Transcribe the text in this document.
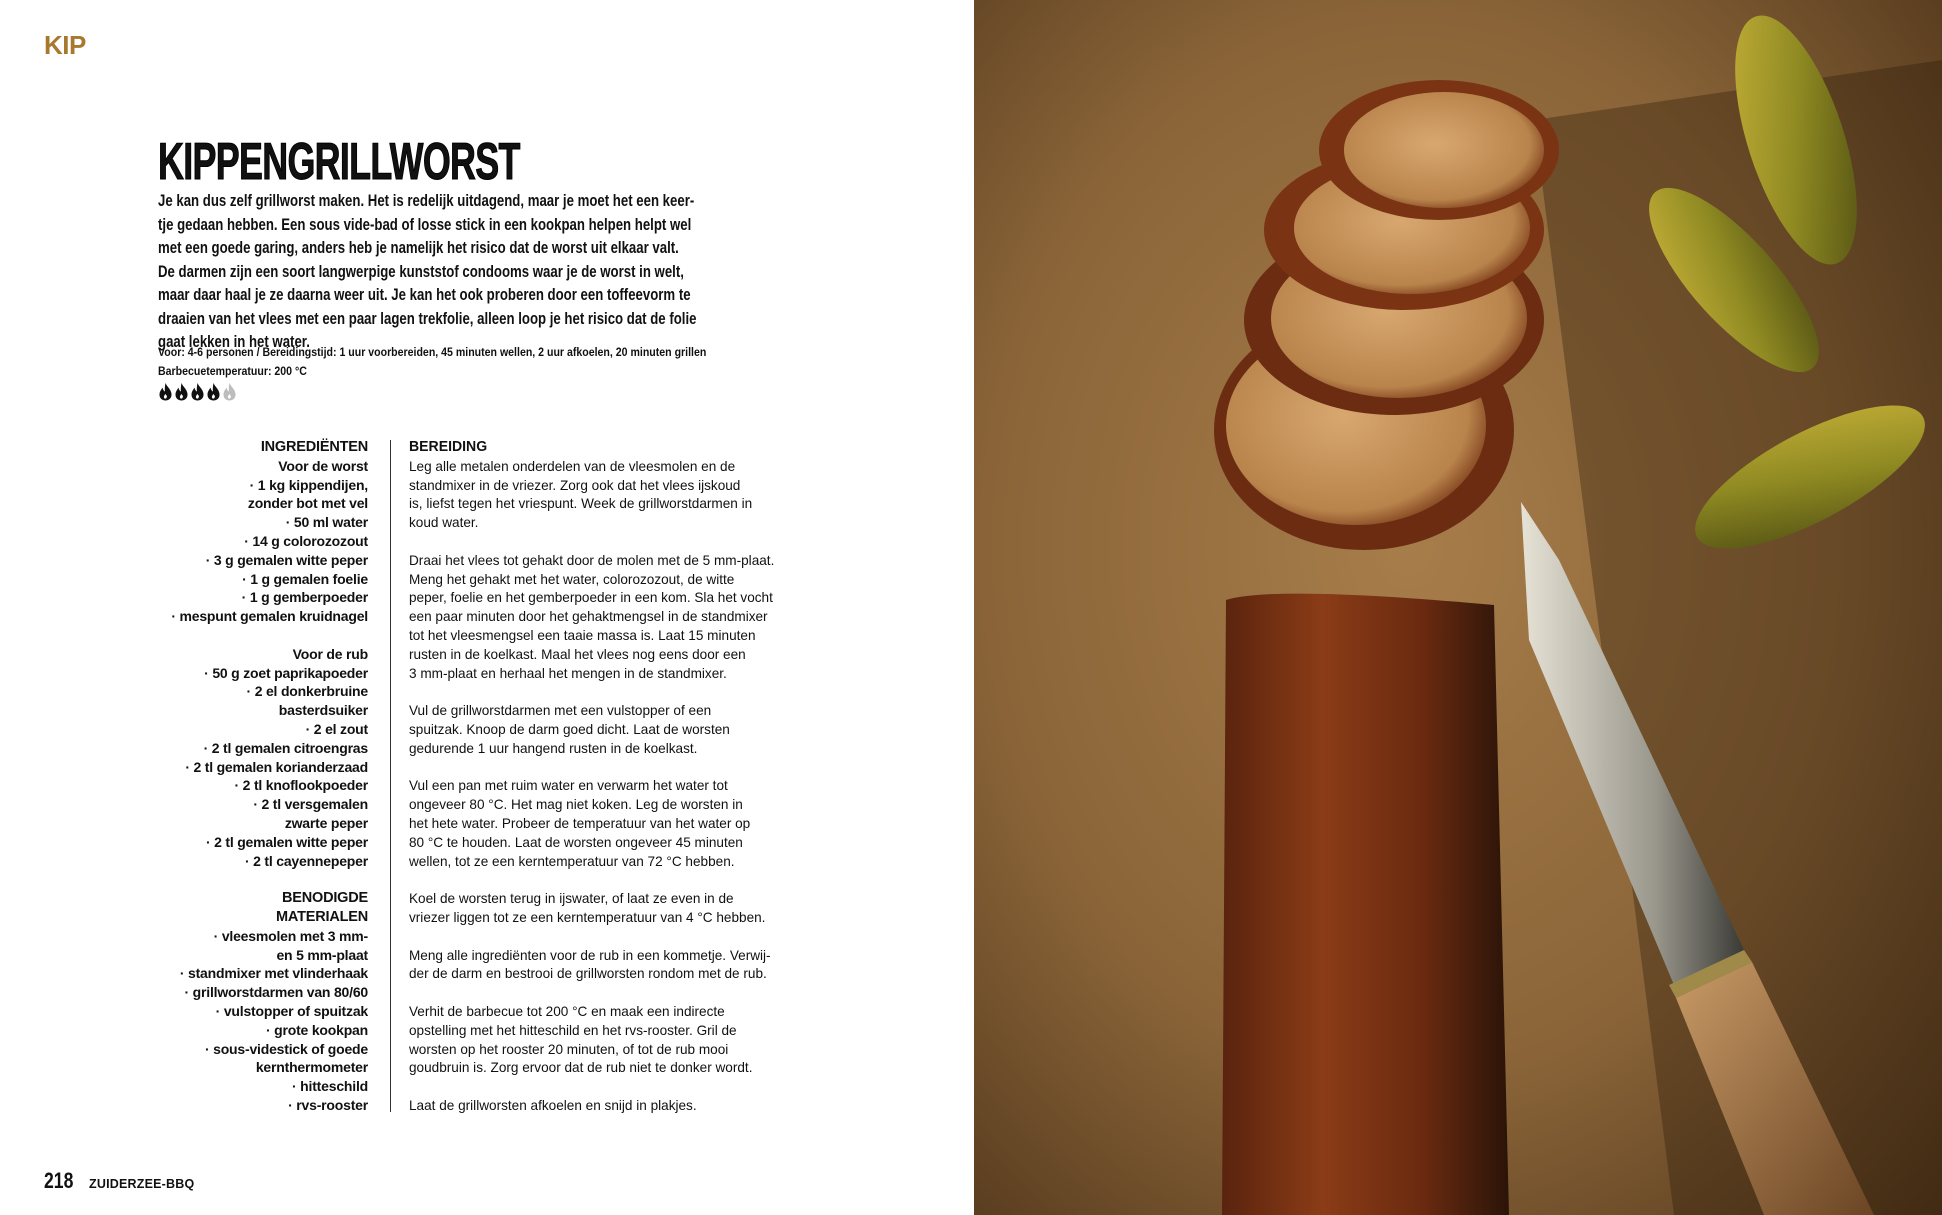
KIP
KIPPENGRILLWORST
Je kan dus zelf grillworst maken. Het is redelijk uitdagend, maar je moet het een keer-
tje gedaan hebben. Een sous vide-bad of losse stick in een kookpan helpen helpt wel
met een goede garing, anders heb je namelijk het risico dat de worst uit elkaar valt.
De darmen zijn een soort langwerpige kunststof condooms waar je de worst in welt,
maar daar haal je ze daarna weer uit. Je kan het ook proberen door een toffeevorm te
draaien van het vlees met een paar lagen trekfolie, alleen loop je het risico dat de folie
gaat lekken in het water.
Voor: 4-6 personen / Bereidingstijd: 1 uur voorbereiden, 45 minuten wellen, 2 uur afkoelen, 20 minuten grillen
Barbecuetemperatuur: 200 °C
INGREDIËNTEN
Voor de worst
· 1 kg kippendijen,
zonder bot met vel
· 50 ml water
· 14 g colorozozout
· 3 g gemalen witte peper
· 1 g gemalen foelie
· 1 g gemberpoeder
· mespunt gemalen kruidnagel
Voor de rub
· 50 g zoet paprikapoeder
· 2 el donkerbruine
basterdsuiker
· 2 el zout
· 2 tl gemalen citroengras
· 2 tl gemalen korianderzaad
· 2 tl knoflookpoeder
· 2 tl versgemalen
zwarte peper
· 2 tl gemalen witte peper
· 2 tl cayennepeper
BENODIGDE
MATERIALEN
· vleesmolen met 3 mm-
en 5 mm-plaat
· standmixer met vlinderhaak
· grillworstdarmen van 80/60
· vulstopper of spuitzak
· grote kookpan
· sous-videstick of goede
kernthermometer
· hitteschild
· rvs-rooster
BEREIDING
Leg alle metalen onderdelen van de vleesmolen en de
standmixer in de vriezer. Zorg ook dat het vlees ijskoud
is, liefst tegen het vriespunt. Week de grillworstdarmen in
koud water.
Draai het vlees tot gehakt door de molen met de 5 mm-plaat.
Meng het gehakt met het water, colorozozout, de witte
peper, foelie en het gemberpoeder in een kom. Sla het vocht
een paar minuten door het gehaktmengsel in de standmixer
tot het vleesmengsel een taaie massa is. Laat 15 minuten
rusten in de koelkast. Maal het vlees nog eens door een
3 mm-plaat en herhaal het mengen in de standmixer.
Vul de grillworstdarmen met een vulstopper of een
spuitzak. Knoop de darm goed dicht. Laat de worsten
gedurende 1 uur hangend rusten in de koelkast.
Vul een pan met ruim water en verwarm het water tot
ongeveer 80 °C. Het mag niet koken. Leg de worsten in
het hete water. Probeer de temperatuur van het water op
80 °C te houden. Laat de worsten ongeveer 45 minuten
wellen, tot ze een kerntemperatuur van 72 °C hebben.
Koel de worsten terug in ijswater, of laat ze even in de
vriezer liggen tot ze een kerntemperatuur van 4 °C hebben.
Meng alle ingrediënten voor de rub in een kommetje. Verwij-
der de darm en bestrooi de grillworsten rondom met de rub.
Verhit de barbecue tot 200 °C en maak een indirecte
opstelling met het hitteschild en het rvs-rooster. Gril de
worsten op het rooster 20 minuten, of tot de rub mooi
goudbruin is. Zorg ervoor dat de rub niet te donker wordt.
Laat de grillworsten afkoelen en snijd in plakjes.
218 ZUIDERZEE-BBQ
